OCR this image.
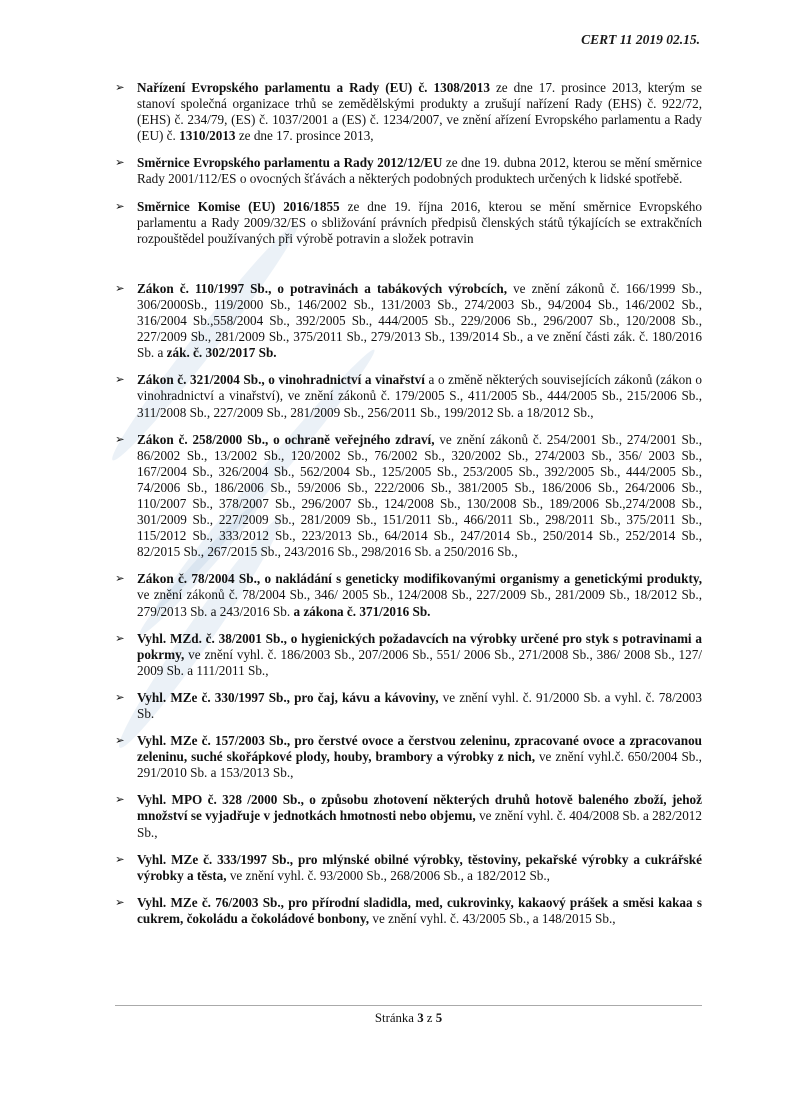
CERT 11 2019 02.15.
➢ Nařízení Evropského parlamentu a Rady (EU) č. 1308/2013 ze dne 17. prosince 2013, kterým se stanoví společná organizace trhů se zemědělskými produkty a zrušují nařízení Rady (EHS) č. 922/72, (EHS) č. 234/79, (ES) č. 1037/2001 a (ES) č. 1234/2007, ve znění ařízení Evropského parlamentu a Rady (EU) č. 1310/2013 ze dne 17. prosince 2013,
➢ Směrnice Evropského parlamentu a Rady 2012/12/EU ze dne 19. dubna 2012, kterou se mění směrnice Rady 2001/112/ES o ovocných šťávách a některých podobných produktech určených k lidské spotřebě.
➢ Směrnice Komise (EU) 2016/1855 ze dne 19. října 2016, kterou se mění směrnice Evropského parlamentu a Rady 2009/32/ES o sbližování právních předpisů členských států týkajících se extrakčních rozpouštědel používaných při výrobě potravin a složek potravin
➢ Zákon č. 110/1997 Sb., o potravinách a tabákových výrobcích, ve znění zákonů č. 166/1999 Sb., 306/2000Sb., 119/2000 Sb., 146/2002 Sb., 131/2003 Sb., 274/2003 Sb., 94/2004 Sb., 146/2002 Sb., 316/2004 Sb.,558/2004 Sb., 392/2005 Sb., 444/2005 Sb., 229/2006 Sb., 296/2007 Sb., 120/2008 Sb., 227/2009 Sb., 281/2009 Sb., 375/2011 Sb., 279/2013 Sb., 139/2014 Sb., a ve znění části zák. č. 180/2016 Sb. a zák. č. 302/2017 Sb.
➢ Zákon č. 321/2004 Sb., o vinohradnictví a vinařství a o změně některých souvisejících zákonů (zákon o vinohradnictví a vinařství), ve znění zákonů č. 179/2005 S., 411/2005 Sb., 444/2005 Sb., 215/2006 Sb., 311/2008 Sb., 227/2009 Sb., 281/2009 Sb., 256/2011 Sb., 199/2012 Sb. a 18/2012 Sb.,
➢ Zákon č. 258/2000 Sb., o ochraně veřejného zdraví, ve znění zákonů č. 254/2001 Sb., 274/2001 Sb., 86/2002 Sb., 13/2002 Sb., 120/2002 Sb., 76/2002 Sb., 320/2002 Sb., 274/2003 Sb., 356/ 2003 Sb., 167/2004 Sb., 326/2004 Sb., 562/2004 Sb., 125/2005 Sb., 253/2005 Sb., 392/2005 Sb., 444/2005 Sb., 74/2006 Sb., 186/2006 Sb., 59/2006 Sb., 222/2006 Sb., 381/2005 Sb., 186/2006 Sb., 264/2006 Sb., 110/2007 Sb., 378/2007 Sb., 296/2007 Sb., 124/2008 Sb., 130/2008 Sb., 189/2006 Sb.,274/2008 Sb., 301/2009 Sb., 227/2009 Sb., 281/2009 Sb., 151/2011 Sb., 466/2011 Sb., 298/2011 Sb., 375/2011 Sb., 115/2012 Sb., 333/2012 Sb., 223/2013 Sb., 64/2014 Sb., 247/2014 Sb., 250/2014 Sb., 252/2014 Sb., 82/2015 Sb., 267/2015 Sb., 243/2016 Sb., 298/2016 Sb. a 250/2016 Sb.,
➢ Zákon č. 78/2004 Sb., o nakládání s geneticky modifikovanými organismy a genetickými produkty, ve znění zákonů č. 78/2004 Sb., 346/ 2005 Sb., 124/2008 Sb., 227/2009 Sb., 281/2009 Sb., 18/2012 Sb., 279/2013 Sb. a 243/2016 Sb. a zákona č. 371/2016 Sb.
➢ Vyhl. MZd. č. 38/2001 Sb., o hygienických požadavcích na výrobky určené pro styk s potravinami a pokrmy, ve znění vyhl. č. 186/2003 Sb., 207/2006 Sb., 551/ 2006 Sb., 271/2008 Sb., 386/ 2008 Sb., 127/ 2009 Sb. a 111/2011 Sb.,
➢ Vyhl. MZe č. 330/1997 Sb., pro čaj, kávu a kávoviny, ve znění vyhl. č. 91/2000 Sb. a vyhl. č. 78/2003 Sb.
➢ Vyhl. MZe č. 157/2003 Sb., pro čerstvé ovoce a čerstvou zeleninu, zpracované ovoce a zpracovanou zeleninu, suché skořápkové plody, houby, brambory a výrobky z nich, ve znění vyhl.č. 650/2004 Sb., 291/2010 Sb. a 153/2013 Sb.,
➢ Vyhl. MPO č. 328 /2000 Sb., o způsobu zhotovení některých druhů hotově baleného zboží, jehož množství se vyjadřuje v jednotkách hmotnosti nebo objemu, ve znění vyhl. č. 404/2008 Sb. a 282/2012 Sb.,
➢ Vyhl. MZe č. 333/1997 Sb., pro mlýnské obilné výrobky, těstoviny, pekařské výrobky a cukrářské výrobky a těsta, ve znění vyhl. č. 93/2000 Sb., 268/2006 Sb., a 182/2012 Sb.,
➢ Vyhl. MZe č. 76/2003 Sb., pro přírodní sladidla, med, cukrovinky, kakaový prášek a směsi kakaa s cukrem, čokoládu a čokoládové bonbony, ve znění vyhl. č. 43/2005 Sb., a 148/2015 Sb.,
Stránka 3 z 5
